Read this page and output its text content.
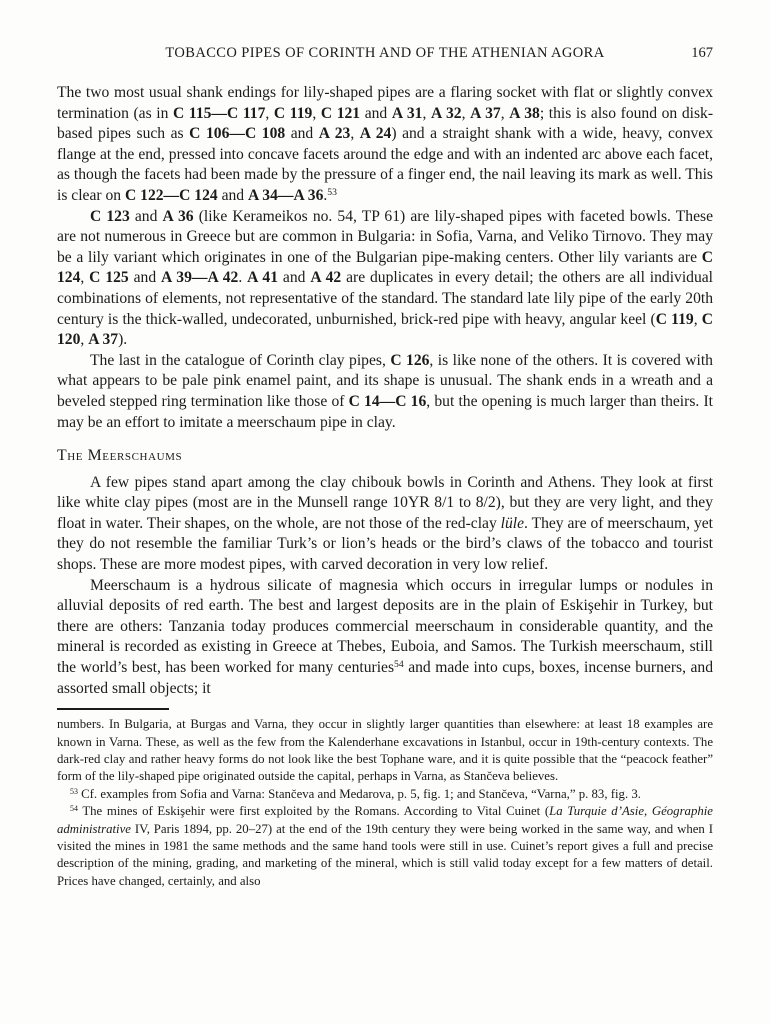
TOBACCO PIPES OF CORINTH AND OF THE ATHENIAN AGORA	167

The two most usual shank endings for lily-shaped pipes are a flaring socket with flat or slightly convex termination (as in C 115—C 117, C 119, C 121 and A 31, A 32, A 37, A 38; this is also found on disk-based pipes such as C 106—C 108 and A 23, A 24) and a straight shank with a wide, heavy, convex flange at the end, pressed into concave facets around the edge and with an indented arc above each facet, as though the facets had been made by the pressure of a finger end, the nail leaving its mark as well. This is clear on C 122—C 124 and A 34—A 36.53

C 123 and A 36 (like Kerameikos no. 54, TP 61) are lily-shaped pipes with faceted bowls. These are not numerous in Greece but are common in Bulgaria: in Sofia, Varna, and Veliko Tirnovo. They may be a lily variant which originates in one of the Bulgarian pipe-making centers. Other lily variants are C 124, C 125 and A 39—A 42. A 41 and A 42 are duplicates in every detail; the others are all individual combinations of elements, not representative of the standard. The standard late lily pipe of the early 20th century is the thick-walled, undecorated, unburnished, brick-red pipe with heavy, angular keel (C 119, C 120, A 37).

The last in the catalogue of Corinth clay pipes, C 126, is like none of the others. It is covered with what appears to be pale pink enamel paint, and its shape is unusual. The shank ends in a wreath and a beveled stepped ring termination like those of C 14—C 16, but the opening is much larger than theirs. It may be an effort to imitate a meerschaum pipe in clay.

The Meerschaums

A few pipes stand apart among the clay chibouk bowls in Corinth and Athens. They look at first like white clay pipes (most are in the Munsell range 10YR 8/1 to 8/2), but they are very light, and they float in water. Their shapes, on the whole, are not those of the red-clay lüle. They are of meerschaum, yet they do not resemble the familiar Turk’s or lion’s heads or the bird’s claws of the tobacco and tourist shops. These are more modest pipes, with carved decoration in very low relief.

Meerschaum is a hydrous silicate of magnesia which occurs in irregular lumps or nodules in alluvial deposits of red earth. The best and largest deposits are in the plain of Eskişehir in Turkey, but there are others: Tanzania today produces commercial meerschaum in considerable quantity, and the mineral is recorded as existing in Greece at Thebes, Euboia, and Samos. The Turkish meerschaum, still the world’s best, has been worked for many centuries$^{54}$ and made into cups, boxes, incense burners, and assorted small objects; it

numbers. In Bulgaria, at Burgas and Varna, they occur in slightly larger quantities than elsewhere: at least 18 examples are known in Varna. These, as well as the few from the Kalenderhane excavations in Istanbul, occur in 19th-century contexts. The dark-red clay and rather heavy forms do not look like the best Tophane ware, and it is quite possible that the “peacock feather” form of the lily-shaped pipe originated outside the capital, perhaps in Varna, as Stančeva believes.

$^{53}$ Cf. examples from Sofia and Varna: Stančeva and Medarova, p. 5, fig. 1; and Stančeva, “Varna,” p. 83, fig. 3.

$^{54}$ The mines of Eskişehir were first exploited by the Romans. According to Vital Cuinet (La Turquie d’Asie, Géographie administrative IV, Paris 1894, pp. 20–27) at the end of the 19th century they were being worked in the same way, and when I visited the mines in 1981 the same methods and the same hand tools were still in use. Cuinet’s report gives a full and precise description of the mining, grading, and marketing of the mineral, which is still valid today except for a few matters of detail. Prices have changed, certainly, and also
